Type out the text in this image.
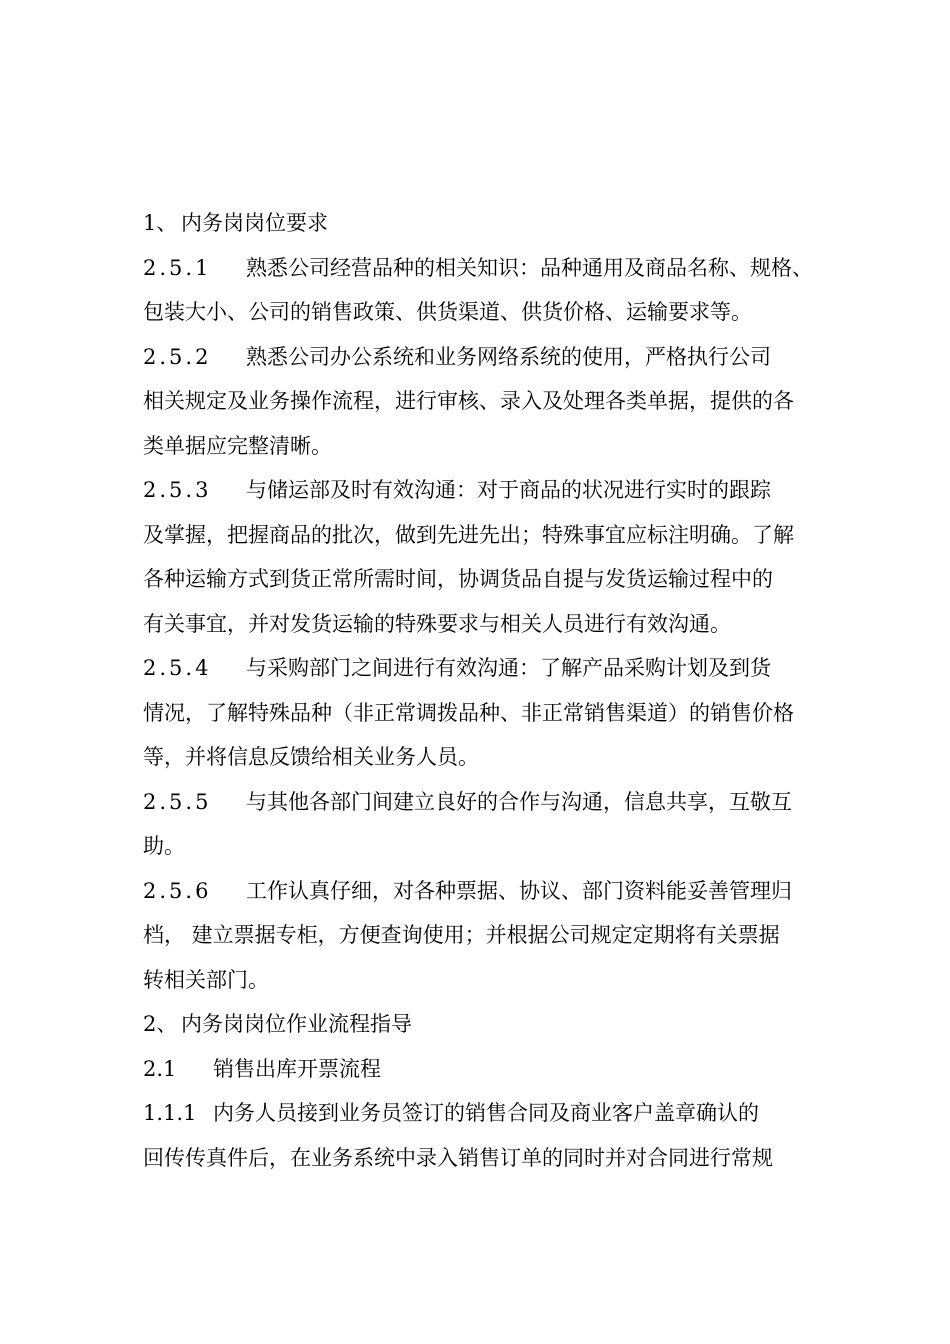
1、 内务岗岗位要求
2.5.1 熟悉公司经营品种的相关知识：品种通用及商品名称、规格、
包装大小、公司的销售政策、供货渠道、供货价格、运输要求等。
2.5.2 熟悉公司办公系统和业务网络系统的使用，严格执行公司
相关规定及业务操作流程，进行审核、录入及处理各类单据，提供的各
类单据应完整清晰。
2.5.3 与储运部及时有效沟通：对于商品的状况进行实时的跟踪
及掌握，把握商品的批次，做到先进先出；特殊事宜应标注明确。了解
各种运输方式到货正常所需时间，协调货品自提与发货运输过程中的
有关事宜，并对发货运输的特殊要求与相关人员进行有效沟通。
2.5.4 与采购部门之间进行有效沟通：了解产品采购计划及到货
情况，了解特殊品种（非正常调拨品种、非正常销售渠道）的销售价格
等，并将信息反馈给相关业务人员。
2.5.5 与其他各部门间建立良好的合作与沟通，信息共享，互敬互
助。
2.5.6 工作认真仔细，对各种票据、协议、部门资料能妥善管理归
档， 建立票据专柜，方便查询使用；并根据公司规定定期将有关票据
转相关部门。
2、 内务岗岗位作业流程指导
2.1 销售出库开票流程
1.1.1 内务人员接到业务员签订的销售合同及商业客户盖章确认的
回传传真件后，在业务系统中录入销售订单的同时并对合同进行常规
